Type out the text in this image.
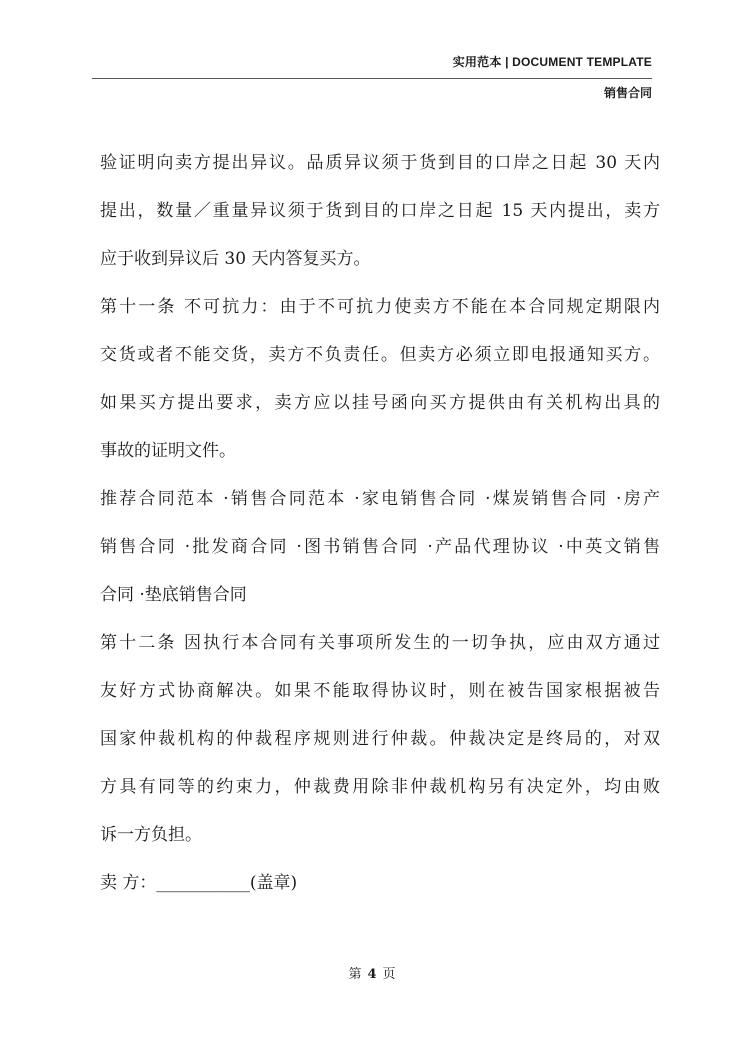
实用范本 | DOCUMENT TEMPLATE
销售合同
验证明向卖方提出异议。品质异议须于货到目的口岸之日起 30 天内
提出，数量／重量异议须于货到目的口岸之日起 15 天内提出，卖方
应于收到异议后 30 天内答复买方。
第十一条 不可抗力：由于不可抗力使卖方不能在本合同规定期限内
交货或者不能交货，卖方不负责任。但卖方必须立即电报通知买方。
如果买方提出要求，卖方应以挂号函向买方提供由有关机构出具的
事故的证明文件。
推荐合同范本 ·销售合同范本 ·家电销售合同 ·煤炭销售合同 ·房产
销售合同 ·批发商合同 ·图书销售合同 ·产品代理协议 ·中英文销售
合同 ·垫底销售合同
第十二条 因执行本合同有关事项所发生的一切争执，应由双方通过
友好方式协商解决。如果不能取得协议时，则在被告国家根据被告
国家仲裁机构的仲裁程序规则进行仲裁。仲裁决定是终局的，对双
方具有同等的约束力，仲裁费用除非仲裁机构另有决定外，均由败
诉一方负担。
卖 方：___________(盖章)
第 4 页
